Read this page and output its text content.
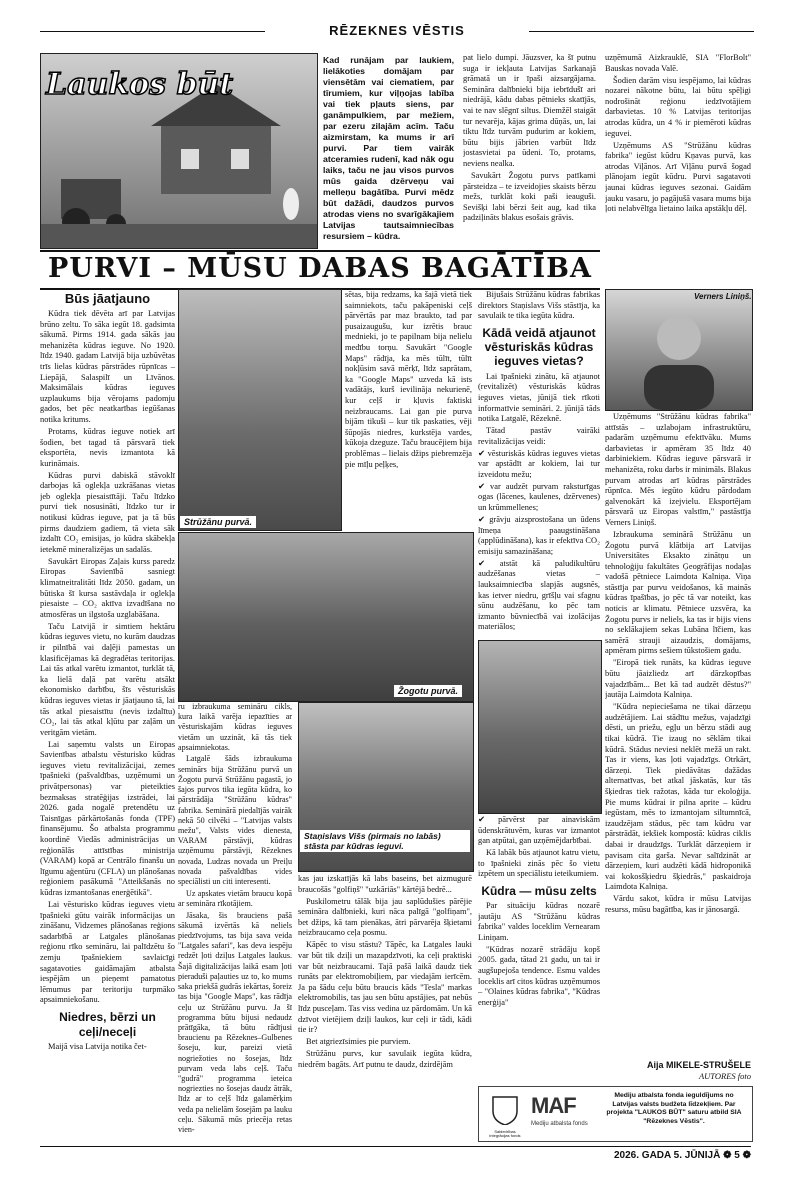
RĒZEKNES VĒSTIS
Laukos būt

Kad runājam par laukiem, lielākoties domājam par viensētām vai ciematiem, par tīrumiem, kur viļņojas labība vai tiek pļauts siens, par ganāmpulkiem, par mežiem, par ezeru zilajām acīm. Taču aizmirstam, ka mums ir arī purvi. Par tiem vairāk atceramies rudenī, kad nāk ogu laiks, taču ne jau visos purvos mūs gaida dzērveņu vai melleņu bagātība. Purvi mēdz būt dažādi, daudzos purvos atrodas viens no svarīgākajiem Latvijas tautsaimniecības resursiem – kūdra.

pat lielo dumpi. Jāuzsver, ka šī putnu suga ir iekļauta Latvijas Sarkanajā grāmatā un ir īpaši aizsargājama. Semināra dalībnieki bija iebrīdušī ari niedrājā, kādu dabas pētnieks skatījās, vai te nav slēgnī siltus. Diemžēl staigāt tur nevarēja, kājas grima dūņās, un, lai tiktu līdz turvām pudurim ar kokiem, būtu bijis jābrien varbūt līdz jostasvietai pa ūdeni. To, protams, neviens nealka.

Savukārt Žogotu purvs patīkami pārsteidza – te izveidojies skaists bērzu mežs, turklāt koki paši ieauguši. Sevišķi labi bērzi šeit aug, kad tika padziļināts blakus esošais grāvis.

uzņēmumā Aizkrauklē, SIA "FlorBolt" Bauskas novada Valē.

Šodien darām visu iespējamo, lai kūdras nozarei nākotne būtu, lai būtu spēļigi nodrošināt reģionu iedzīvotājiem darbavietas. 10 % Latvijas teritorijas atrodas kūdra, un 4 % ir piemēroti kūdras ieguvei.

Uzņēmums AS "Strūžānu kūdras fabrika" iegūst kūdru Kņavas purvā, kas atrodas Viļānos. Arī Viļānu purvā šogad plānojam iegūt kūdru. Purvi sagatavoti jaunai kūdras ieguves sezonai. Gaidām jauku vasaru, jo pagājušā vasara mums bija ļoti nelabvēlīga lietaino laika apstākļu dēļ.

PURVI – MŪSU DABAS BAGĀTĪBA
Būs jāatjauno

Kūdra tiek dēvēta arī par Latvijas brūno zeltu. To sāka iegūt 18. gadsimta sākumā. Pirms 1914. gada sākās jau mehanizēta kūdras ieguve. No 1920. līdz 1940. gadam Latvijā bija uzbūvētas trīs lielas kūdras pārstrādes rūpnīcas – Liepājā, Salaspilī un Līvānos. Maksimālais kūdras ieguves uzplaukums bija vērojams padomju gados, bet pēc neatkarības iegūšanas notika kritums.

Protams, kūdras ieguve notiek arī šodien, bet tagad tā pārsvarā tiek eksportēta, nevis izmantota kā kurināmais.

Kūdras purvi dabiskā stāvoklī darbojas kā oglekļa uzkrāšanas vietas jeb oglekļa piesaistītāji. Taču līdzko purvi tiek nosusināti, līdzko tur ir notikusi kūdras ieguve, pat ja tā būs pirms daudziem gadiem, tā vieta sāk izdalīt CO₂ emisijas, jo kūdra skābekļa ietekmē mineralizējas un sadalās.

Savukārt Eiropas Zaļais kurss paredz Eiropas Savienībā sasniegt klimatneitralitāti līdz 2050. gadam, un būtiska šī kursa sastāvdaļa ir oglekļa piesaiste – CO₂ aktīva izvadīšana no atmosfēras un ilgstoša uzglabāšana.

Taču Latvijā ir simtiem hektāru kūdras ieguves vietu, no kurām daudzas ir pilnībā vai daļēji pamestas un klasificējamas kā degradētas teritorijas. Lai tās atkal varētu izmantot, turklāt tā, ka lielā daļā pat varētu atsākt ekonomisko darbību, šīs vēsturiskās kūdras ieguves vietas ir jāatjauno tā, lai tās atkal piesaistītu (nevis izdalītu) CO₂, lai tās atkal kļūtu par zaļām un veritgām vietām.

Lai saņemtu valsts un Eiropas Savienības atbalstu vēsturisko kūdras ieguves vietu revitalizācijai, zemes īpašnieki (pašvaldības, uzņēmumi un privātpersonas) var pieteikties bezmaksas stratēģijas izstrādei, lai 2026. gada nogalē pretendētu uz Taisnīgas pārkārtošanās fonda (TPF) finansējumu. Šo atbalsta programmu koordinē Viedās administrācijas un reģionālās attīstības ministrija (VARAM) kopā ar Centrālo finanšu un līgumu aģentūru (CFLA) un plānošanas reģioniem pasākumā "Atteikšanās no kūdras izmantošanas enerģētikā".

Lai vēsturisko kūdras ieguves vietu īpašnieki gūtu vairāk informācijas un zināšanu, Vidzemes plānošanas reģions sadarbībā ar Latgales plānošanas reģionu rīko semināru, lai palīdzētu šo zemju īpašniekiem savlaicīgi sagatavoties gaidāmajām atbalsta iespējām un pieņemt pamatotus lēmumus par teritoriju turpmāko apsaimniekošanu.

Niedres, bērzi un ceļi/neceļi

Maijā visa Latvija notika čet-

Strūžānu purvā.
Žogotu purvā.
Staņislavs Višs (pirmais no labās) stāsta par kūdras ieguvi.

ru izbraukuma semināru cikls, kura laikā varēja iepazīties ar vēsturiskajām kūdras ieguves vietām un uzzināt, kā tās tiek apsaimniekotas.

Latgalē šāds izbraukuma seminārs bija Strūžānu purvā un Žogotu purvā Strūžānu pagastā, jo šajos purvos tika iegūta kūdra, ko pārstrādāja "Strūžānu kūdras" fabrika. Seminārā piedalījās vairāk nekā 50 cilvēki – "Latvijas valsts mežu", Valsts vides dienesta, VARAM pārstāvji, kūdras uzņēmumu pārstāvji, Rēzeknes novada, Ludzas novada un Preiļu novada pašvaldības vides speciālisti un citi interesenti.

Uz apskates vietām braucu kopā ar semināra rīkotājiem.

Jāsaka, šis brauciens pašā sākumā izvērtās kā neliels piedzīvojums, tas bija sava veida "Latgales safari", kas deva iespēju redzēt ļoti dziļus Latgales laukus. Šajā digitalizācijas laikā esam ļoti pieraduši paļauties uz to, ko mums saka priekšā gudrās iekārtas, šoreiz tas bija "Google Maps", kas rādīja ceļu uz Strūžānu purvu. Ja šī programma būtu bijusi nedaudz prātīgāka, tā būtu rādījusi braucienu pa Rēzeknes–Gulbenes šoseju, kur, pareizi vietā nogriežoties no šosejas, līdz purvam veda labs ceļš. Taču "gudrā" programma ieteica nogriezties no šosejas daudz ātrāk, līdz ar to ceļš līdz galamērķim veda pa nelielām šosejām pa lauku ceļu. Sākumā mūs priecēja retas vien-

sētas, bija redzams, ka šajā vietā tiek saimniekots, taču pakāpeniski ceļš pārvērtās par maz braukto, tad par pusaizaugušu, kur izrētis brauc mednieki, jo te papilnam bija nelielu medību torņu. Savukārt "Google Maps" rādīja, ka mēs tūlīt, tūlīt nokļūsim savā mērķī, līdz saprātam, ka "Google Maps" uzveda kā ists vadātājs, kurš ievilināja nekurienē, kur ceļš ir kļuvis faktiski neizbraucams. Lai gan pie purva bijām tikuši – kur tik paskaties, vēji šūpojās niedres, kurkstēja vardes, kūkoja dzeguze. Taču braucējiem bija problēmas – lielais džips piebremzēja pie mīļu peļķes,

kas jau izskatījās kā labs baseins, bet aizmugurē braucošās "golfiņš" "uzkāriās" kārtējā bedrē...

Puskilometru tālāk bija jau saplūdušies pārējie semināra dalībnieki, kuri nāca palīgā "golfiņam", bet džips, kā tam pienākas, ātri pārvarēja šķietami neizbraucamo ceļa posmu.

Kāpēc to visu stāstu? Tāpēc, ka Latgales lauki var būt tik dziļi un mazapdzīvoti, ka ceļi praktiski var būt neizbraucami. Tajā pašā laikā daudz tiek runāts par elektromobiļiem, par viedajām ierīcēm. Ja pa šādu ceļu būtu braucis kāds "Tesla" markas elektromobilis, tas jau sen būtu apstājies, pat nebūs līdz pusceļam. Tas viss vedina uz pārdomām. Un kā dzīvot vietējiem dziļi laukos, kur ceļi ir tādi, kādi tie ir?

Bet atgriezīsimies pie purviem.

Strūžānu purvs, kur savulaik iegūta kūdra, niedrēm bagāts. Arī putnu te daudz, dzirdējām

Bijušais Strūžānu kūdras fabrikas direktors Staņislavs Višs stāstīja, ka savulaik te tika iegūta kūdra.

Kādā veidā atjaunot vēsturiskās kūdras ieguves vietas?

Lai īpašnieki zinātu, kā atjaunot (revitalizēt) vēsturiskās kūdras ieguves vietas, jūnijā tiek rīkoti informatīvie semināri. 2. jūnijā tāds notika Latgalē, Rēzeknē.

Tātad pastāv vairāki revitalizācijas veidi:

✔ vēsturiskās kūdras ieguves vietas var apstādīt ar kokiem, lai tur izveidotu mežu;

✔ var audzēt purvam raksturīgas ogas (lācenes, kaulenes, dzērvenes) un krūmmellenes;

✔ grāvju aizsprostošana un ūdens līmeņa paaugstināšana (applūdināšana), kas ir efektīva CO₂ emisiju samazināšana;

✔ atstāt kā paludikultūru audzēšanas vietas – lauksaimniecība slapjās augsnēs, kas ietver niedru, grīšļu vai sfagnu sūnu audzēšanu, ko pēc tam izmanto būvniecībā vai izolācijas materiālos;

✔ pārvērst par ainaviskām ūdenskrātuvēm, kuras var izmantot gan atpūtai, gan uzņēmējdarbībai.

Kā labāk būs atjaunot katru vietu, to īpašnieki zinās pēc šo vietu izpētem un speciālistu ieteikumiem.

Kūdra — mūsu zelts

Par situāciju kūdras nozarē jautāju AS "Strūžānu kūdras fabrika" valdes loceklim Vernearam Liniņam.

"Kūdras nozarē strādāju kopš 2005. gada, tātad 21 gadu, un tai ir augšupejoša tendence. Esmu valdes loceklis arī citos kūdras uzņēmumos – "Olaines kūdras fabrika", "Kūdras enerģija"

Verners Liniņš.

Uzņēmums "Strūžānu kūdras fabrika" attīstās – uzlabojam infrastruktūru, padarām uzņēmumu efektīvāku. Mums darbavietas ir apmēram 35 līdz 40 darbiniekiem. Kūdras ieguve pārsvarā ir mehanizēta, roku darbs ir minimāls. Blakus purvam atrodas arī kūdras pārstrādes rūpnīca. Mēs iegūto kūdru pārdodam galvenokārt kā izejvielu. Eksportējam pārsvarā uz Eiropas valstīm," pastāstīja Verners Liniņš.

Izbraukuma seminārā Strūžānu un Žogotu purvā klātbija arī Latvijas Universitātes Eksakto zinātņu un tehnoloģiju fakultātes Ģeogrāfijas nodaļas vadošā pētniece Laimdota Kalniņa. Viņa stāstīja par purvu veidošanos, kā mainās kūdras īpašības, jo pēc tā var noteikt, kas noticis ar klimatu. Pētniece uzsvēra, ka Žogotu purvs ir neliels, ka tas ir bijis viens no seklākajiem sekas Lubāna līčiem, kas samērā strauji aizaudzis, domājams, apmēram pirms sešiem tūkstošiem gadu.

"Eiropā tiek runāts, ka kūdras ieguve būtu jāaizliedz arī dārzkopības vajadzībām... Bet kā tad audzēt dēstus?" jautāja Laimdota Kalniņa.

"Kūdra nepieciešama ne tikai dārzeņu audzētājiem. Lai stādītu mežus, vajadzīgi dēsti, un priežu, egļu un bērzu stādi aug tikai kūdrā. Tie izaug no sēklām tikai kūdrā. Stādus neviesi neklēt mežā un rakt. Tas ir viens, kas ļoti vajadzīgs. Otrkārt, dārzeņi. Tiek piedāvātas dažādas alternatīvas, bet atkal jāskatās, kur tās šķiedras tiek ražotas, kāda tur ekoloģija. Pie mums kūdrai ir pilna aprite – kūdru iegūstam, mēs to izmantojam siltumnīcā, izaudzējam stādus, pēc tam kūdru var pārstrādāt, iekšiek kompostā: kūdras ciklis dabai ir draudzīgs. Turklāt dārzeņiem ir pavisam cita garša. Nevar salīdzināt ar dārzeņiem, kuri audzēti kādā hidroponikā vai kokosšķiedru šķiedrās," paskaidroja Laimdota Kalniņa.

Vārdu sakot, kūdra ir mūsu Latvijas resurss, mūsu bagātība, kas ir jānosargā.

Aija MIKELE-STRUŠELE
AUTORES foto
Sabiedrības integrācijas fonds
MAF
Mediju atbalsta fonds
Mediju atbalsta fonda ieguldījums no Latvijas valsts budžeta līdzekļiem. Par projekta "LAUKOS BŪT" saturu atbild SIA "Rēzeknes Vēstis".
2026. GADA 5. JŪNIJĀ ❁ 5 ❁
